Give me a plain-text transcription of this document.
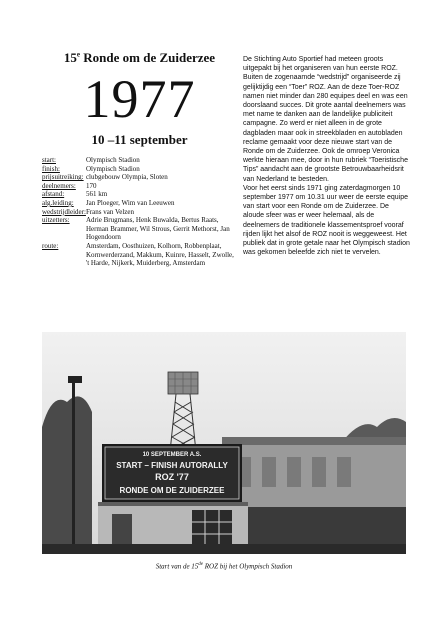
15e Ronde om de Zuiderzee
1977
10 –11 september
start:	Olympisch Stadion
finish:	Olympisch Stadion
prijsuitreiking:	clubgebouw Olympia, Sloten
deelnemers:	170
afstand:	561 km
alg.leiding:	Jan Ploeger, Wim van Leeuwen
wedstrijdleider:	Frans van Velzen
uitzetters:	Adrie Brugmans, Henk Buwalda, Bertus Raats, Herman Brammer, Wil Strous, Gerrit Methorst, Jan Hogendoorn
route:	Amsterdam, Oosthuizen, Kolhorn, Robbenplaat, Kornwerderzand, Makkum, Kuinre, Hasselt, Zwolle, 't Harde, Nijkerk, Muiderberg, Amsterdam

De Stichting Auto Sportief had meteen groots uitgepakt bij het organiseren van hun eerste ROZ. Buiten de zogenaamde “wedstrijd” organiseerde zij gelijktijdig een “Toer” ROZ. Aan de deze Toer-ROZ namen niet minder dan 280 equipes deel en was een doorslaand succes. Dit grote aantal deelnemers was met name te danken aan de landelijke publiciteit campagne. Zo werd er niet alleen in de grote dagbladen maar ook in streekbladen en autobladen reclame gemaakt voor deze nieuwe start van de Ronde om de Zuiderzee. Ook de omroep Veronica werkte hieraan mee, door in hun rubriek “Toeristische Tips” aandacht aan de grootste Betrouwbaarheidsrit van Nederland te besteden.

Voor het eerst sinds 1971 ging zaterdagmorgen 10 september 1977 om 10.31 uur weer de eerste equipe van start voor een Ronde om de Zuiderzee. De aloude sfeer was er weer helemaal, als de deelnemers de traditionele klassementsproef vooraf rijden lijkt het alsof de ROZ nooit is weggeweest. Het publiek dat in grote getale naar het Olympisch stadion was gekomen beleefde zich niet te vervelen.

10 SEPTEMBER A.S.
START – FINISH AUTORALLY
ROZ '77
RONDE OM DE ZUIDERZEE
Start van de 15de ROZ bij het Olympisch Stadion
